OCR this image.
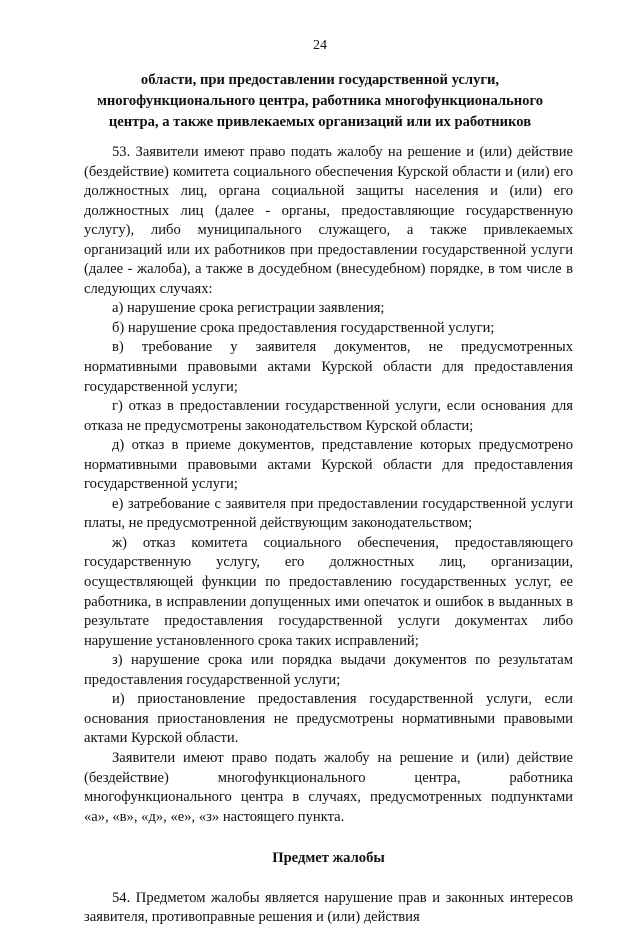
24
области, при предоставлении государственной услуги,
многофункционального центра, работника многофункционального
центра, а также привлекаемых организаций или их работников

53. Заявители имеют право подать жалобу на решение и (или) действие (бездействие) комитета социального обеспечения Курской области и (или) его должностных лиц, органа социальной защиты населения и (или) его должностных лиц (далее - органы, предоставляющие государственную услугу), либо муниципального служащего, а также привлекаемых организаций или их работников при предоставлении государственной услуги (далее - жалоба), а также в досудебном (внесудебном) порядке, в том числе в следующих случаях:

а) нарушение срока регистрации заявления;

б) нарушение срока предоставления государственной услуги;

в) требование у заявителя документов, не предусмотренных нормативными правовыми актами Курской области для предоставления государственной услуги;

г) отказ в предоставлении государственной услуги, если основания для отказа не предусмотрены законодательством Курской области;

д) отказ в приеме документов, представление которых предусмотрено нормативными правовыми актами Курской области для предоставления государственной услуги;

е) затребование с заявителя при предоставлении государственной услуги платы, не предусмотренной действующим законодательством;

ж) отказ комитета социального обеспечения, предоставляющего государственную услугу, его должностных лиц, организации, осуществляющей функции по предоставлению государственных услуг, ее работника, в исправлении допущенных ими опечаток и ошибок в выданных в результате предоставления государственной услуги документах либо нарушение установленного срока таких исправлений;

з) нарушение срока или порядка выдачи документов по результатам предоставления государственной услуги;

и) приостановление предоставления государственной услуги, если основания приостановления не предусмотрены нормативными правовыми актами Курской области.

Заявители имеют право подать жалобу на решение и (или) действие (бездействие) многофункционального центра, работника многофункционального центра в случаях, предусмотренных подпунктами «а», «в», «д», «е», «з» настоящего пункта.

Предмет жалобы

54. Предметом жалобы является нарушение прав и законных интересов заявителя, противоправные решения и (или) действия
